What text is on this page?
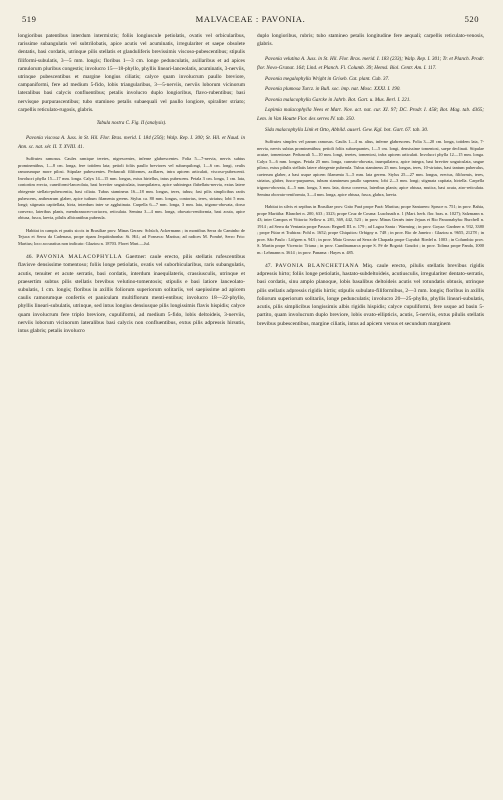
519	MALVACEAE : PAVONIA.	520

longioribus patentibus interdum intermixtis; foliis longiuscule petiolatis, ovatis vel orbicularibus, rarissime subangulatis vel subtrilobatis, apice acutis vel acuminatis, irregulariter et saepe obsolete dentatis, basi cordatis, utrinque pilis stellatis et glanduliferis brevissimis viscoso-pubescentibus; stipulis filiformi-subulatis, 3—5 mm. longis; floribus 1—3 cm. longe pedunculatis, axillaribus et ad apices ramulorum pluribus congestis; involucro 15—18-phyllo, phyllis lineari-lanceolatis, acuminatis, 3-nerviis, utrinque pubescentibus et margine longius ciliatis; calyce quam involucrum paullo breviore, campaniformi, fere ad medium 5-fido, lobis triangularibus, 3—5-nerviis, nerviis loborum vicinorum lateralibus basi calycis confluentibus; petalis involucro duplo longioribus, flavo-rubentibus; basi nervisque purpurascentibus; tubo stamineo petalis subaequali vel paullo longiore, spiraliter striato; carpellis reticulato-rugosis, glabris.

Tabula nostra C. Fig. II (analysis).

Pavonia viscosa A. Juss. in St. Hil. Flor. Bras. merid. I. 184 (256); Walp. Rep. I. 300; St. Hil. et Naud. in Ann. sc. nat. sér. II. T. XVIII. 41.

Suffrutex ramosus. Caules ramique teretes, nigrescentes, inferne glabrescentes. Folia 5—7-nervia, nervis subtus prominentibus, 1—8 cm. longa, fere totidem lata; petioli foliis paullo breviores vel subaequilongi, 1—6 cm. longi, ceulis ramorumque more pilosi. Stipulae pubescentes. Pedunculi filiformes, axillares, intra apicem articulati, viscoso-pubescenti. Involucri phylla 15—17 mm. longa. Calyx 14—15 mm. longus, extus hirtellus, intus pubescens. Petala 3 cm. longa, 1 cm. lata, contortim erecta, cuneiformi-lanceolata, basi breviter unguiculata, inaequilatera, apice subintegra flabellatu-nervia, extus latere obtegente stellato-pubescentia, basi ciliata. Tubus stamineus 16—18 mm. longus, teres, tubus; fasi pilis simplicibus rariis pubescens, antherarum glaber, apice tuthum filamenta gerens. Stylus ca. 80 mm. longus, contortus, teres, striatus; lobi 5 mm. longi; stigmata capitellata, hirta, interdum inter se agglutinata. Carpella 6—7 mm. longa, 3 mm. lata, trigono-obovata, dorso convexo, lateribus planis, membranaceo-coriacea, reticulata. Semina 3—4 mm. longa, obovato-reniformia, basi acuta, apice obtusa, fusca, laevia, pilulis albicantibus puberula.

Habitat in campis et pratis siccis in Brasiliae prov. Minas Geraes: Schüch, Ackermann ; in montibus Serra do Caminho de Tejuca et Serra da Cadenasa, prope ripam Jequitinhonha: St. Hil.; ad Fonseca: Martius; ad radices M. Pombé, Serro Frio: Martius; loco accuratius non indicato: Glaziou n. 18703. Floret Mart.—Jul.

46. PAVONIA MALACOPHYLLA Gaertner: caule erecto, pilis stellatis rufescentibus flavisve densissime tomentoso; foliis longe petiolatis, ovatis vel suborbicularibus, raris subangulatis, acutis, tenuiter et acute serratis, basi cordatis, interdum inaequilateris, crassiusculis, utrinque et praesertim subtus pilis stellatis brevibus velutino-tomentosis; stipulis e basi latiore lanceolato-subulatis, 1 cm. longis; floribus in axillis foliorum superiorum solitariis, vel saepissime ad apicem caulis ramorumque confertis et paniculam multiflorum menti-entibus; involucro 18—22-phyllo, phyllis lineari-subulatis, utrinque, sed intus longius densiusque pilis longissimis flavis hispidis; calyce quam involucrum fere triplo breviore, cupuliformi, ad medium 5-fido, lobis deltoideis, 3-nerviis, nerviis loborum vicinorum lateralibus basi calycis non confluentibus, extus pilis adpressis hirsutis, intus glabris; petalis involucro

duplo longioribus, rubris; tubo stamineo petalis longitudine fere aequali; carpellis reticulato-venosis, glabris.

Pavonia velutina A. Juss. in St. Hil. Flor. Bras. merid. I. 183 (233); Walp. Rep. I. 301; Tr. et Planch. Prodr. flor. Novo-Granat. 164; Lind. et Planch. Fl. Columb. 39; Hemsl. Biol. Centr. Am. I. 117.

Pavonia megalophylla Wright in Griseb. Cat. plant. Cub. 37.

Pavonia plumosa Turcz. in Bull. soc. imp. nat. Mosc. XXXI. I. 190.

Pavonia malacophylla Garcke in Jahrb. Bot. Gart. u. Mus. Berl. I. 221.

Lopimia malacophylla Nees et Mart. Nov. act. nat. cur. XI. 97; DC. Prodr. I. 458; Bot. Mag. tab. 4365; Lem. in Van Houtte Flor. des serres IV. tab. 350.

Sida malacophylla Link et Otto, Abbild. auserl. Gew. Kgl. bot. Gart. 67. tab. 30.

Suffrutex simplex vel parum ramosus. Caulis 1—4 m. altus, inferne glabrescens. Folia 3—20 cm. longa, totidem lata, 7-nervia, nervis subtus prominentibus; petioli foliis subaequantes, 1—5 cm. longi, densissime tomentosi, saepe declinati. Stipulae acutae, tomentosae. Pedunculi 5—10 mm. longi, teretes, tomentosi, infra apicem articulati. Involucri phylla 12—15 mm. longa. Calyx 5—6 mm. longus. Petala 25 mm. longa, cuneato-obovata, inaequilatera, apice integra, basi breviter unguiculata, ungue piloso, extus pilulis stellatis latere obtegente puberula. Tubus stamineus 25 mm. longus, teres, 10-striatus, basi tantum puberulus, caeterum glaber, a basi usque apicem filamenta 3—5 mm. lata gerens. Stylus 25—27 mm. longus, erectus, filiformis, teres, striatus, glaber, fusco-purpureus, tubum stamineum paullo superans; lobi 2—3 mm. longi; stigmata capitata, hirtella. Carpella trigono-obovata, 4—5 mm. longa, 3 mm. lata, dorso convexa, lateribus planis; apice obtusa, mutica, basi acuta, atro-reticulata. Semina obovato-reniformia, 3—4 mm. longa, apice obtusa, fusca, glabra, laevia.

Habitat in silvis et sepibus in Brasiliae prov. Gräo Pará prope Pará: Martius; prope Santarem: Spruce n. 751; in prov. Bahia, prope Maritiba: Blanchet n. 200, 633 ; 3323; prope Cruz de Cosma: Luschnath n. 1 (Mart. herb. flor. bras. n. 1027); Salzmann n. 43; inter Campos et Vittoria: Sellow n. 281, 369, 442, 523 ; in prov. Minas Geraës inter Jejuas et Rio Paraonabyba: Burchell n. 1914 ; ad Serra da Ventania prope Passos: Regnell III. n. 179 ; ad Lagoa Santa : Warming ; in prov. Goyaz: Gardner n. 932, 3380 ; prope Fütar et Trahiras: Pohl n. 1652; prope Chiquitos: Orbigny n. 748 ; in prov. Rio de Janeiro : Glaziou n. 9655, 21278 ; in prov. São Paulo : Löfgren n. 943 ; in prov. Mato Grosso ad Serra de Chapada prope Cuyabá: Riedel n. 1003 ; in Columbia: prov. S. Martin prope Vicencio: Triana ; in prov. Cundinamarca prope S. Fé de Bogotá: Goudot ; in prov. Tolima prope Panda, 1000 m.: Lehmann n. 3614 ; in prov. Panama : Hayes n. 485.

47. PAVONIA BLANCHETIANA Miq. caule erecto, pilulis stellatis brevibus rigidis adpressis hirto; foliis longe petiolatis, hastato-subdeltoideis, acutiusculis, irregulariter dentato-serratis, basi cordatis, sinu amplo planoque, lobis basalibus deltoideis acutis vel rotundatis obtusis, utrinque pilis stellatis adpressis rigidis hirtis; stipulis subulato-filiformibus, 2—3 mm. longis; floribus in axillis foliorum superiorum solitariis, longe pedunculatis; involucro 20—25-phyllo, phyllis lineari-subulatis, acutis, pilis simplicibus longissimis albis rigidis hispidis; calyce cupuliformi, fere usque ad basin 5-partito, quam involucrum duplo breviore, lobis ovato-ellipticis, acutis, 5-nerviis, extus pilulis stellatis brevibus pubescentibus, margine ciliatis, intus ad apicem versus et secundum marginem
